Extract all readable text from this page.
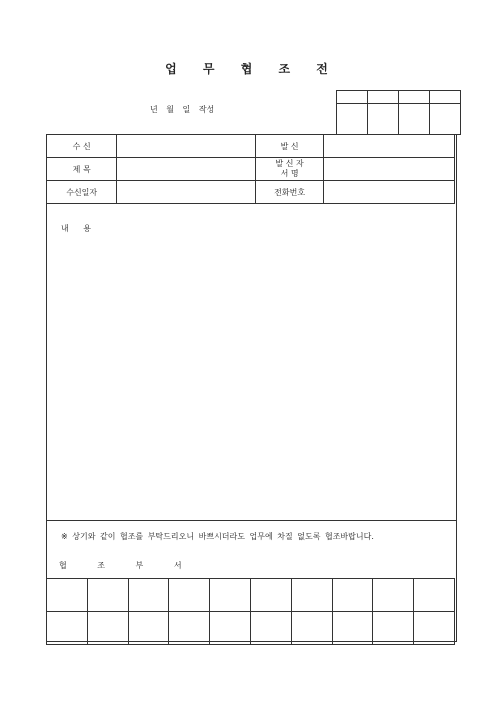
업 무 협 조 전
년 월 일 작성

수 신		발 신	
제 목		발 신 자
서 명	

수신일자		전화번호	
내 용
※ 상기와 같이 협조를 부탁드리오니 바쁘시더라도 업무에 차질 없도록 협조바랍니다.
협 조 부 서
